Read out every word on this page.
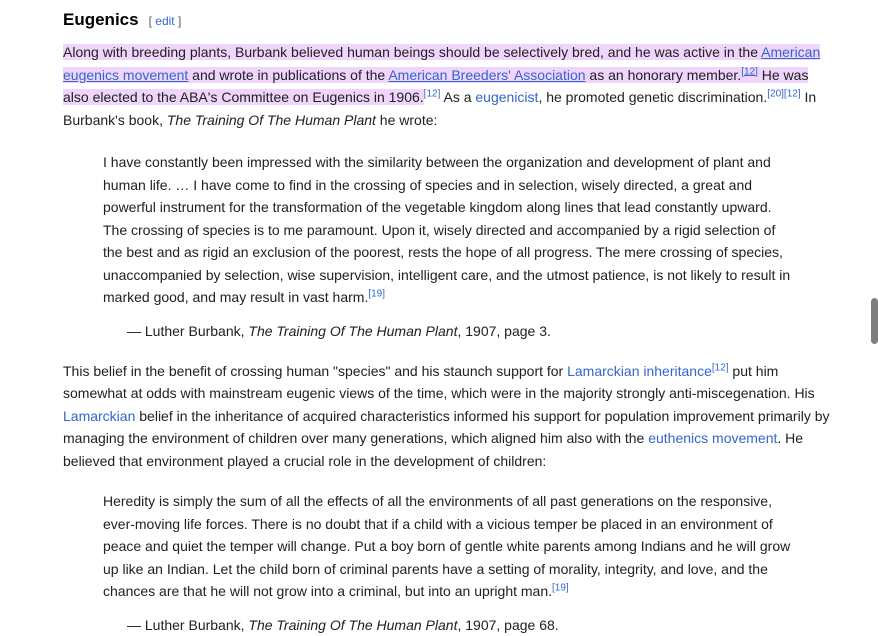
Eugenics [ edit ]

Along with breeding plants, Burbank believed human beings should be selectively bred, and he was active in the American eugenics movement and wrote in publications of the American Breeders' Association as an honorary member.[12] He was also elected to the ABA's Committee on Eugenics in 1906.[12] As a eugenicist, he promoted genetic discrimination.[20][12] In Burbank's book, The Training Of The Human Plant he wrote:

I have constantly been impressed with the similarity between the organization and development of plant and human life. … I have come to find in the crossing of species and in selection, wisely directed, a great and powerful instrument for the transformation of the vegetable kingdom along lines that lead constantly upward. The crossing of species is to me paramount. Upon it, wisely directed and accompanied by a rigid selection of the best and as rigid an exclusion of the poorest, rests the hope of all progress. The mere crossing of species, unaccompanied by selection, wise supervision, intelligent care, and the utmost patience, is not likely to result in marked good, and may result in vast harm.[19]

— Luther Burbank, The Training Of The Human Plant, 1907, page 3.

This belief in the benefit of crossing human "species" and his staunch support for Lamarckian inheritance[12] put him somewhat at odds with mainstream eugenic views of the time, which were in the majority strongly anti-miscegenation. His Lamarckian belief in the inheritance of acquired characteristics informed his support for population improvement primarily by managing the environment of children over many generations, which aligned him also with the euthenics movement. He believed that environment played a crucial role in the development of children:

Heredity is simply the sum of all the effects of all the environments of all past generations on the responsive, ever-moving life forces. There is no doubt that if a child with a vicious temper be placed in an environment of peace and quiet the temper will change. Put a boy born of gentle white parents among Indians and he will grow up like an Indian. Let the child born of criminal parents have a setting of morality, integrity, and love, and the chances are that he will not grow into a criminal, but into an upright man.[19]

— Luther Burbank, The Training Of The Human Plant, 1907, page 68.
